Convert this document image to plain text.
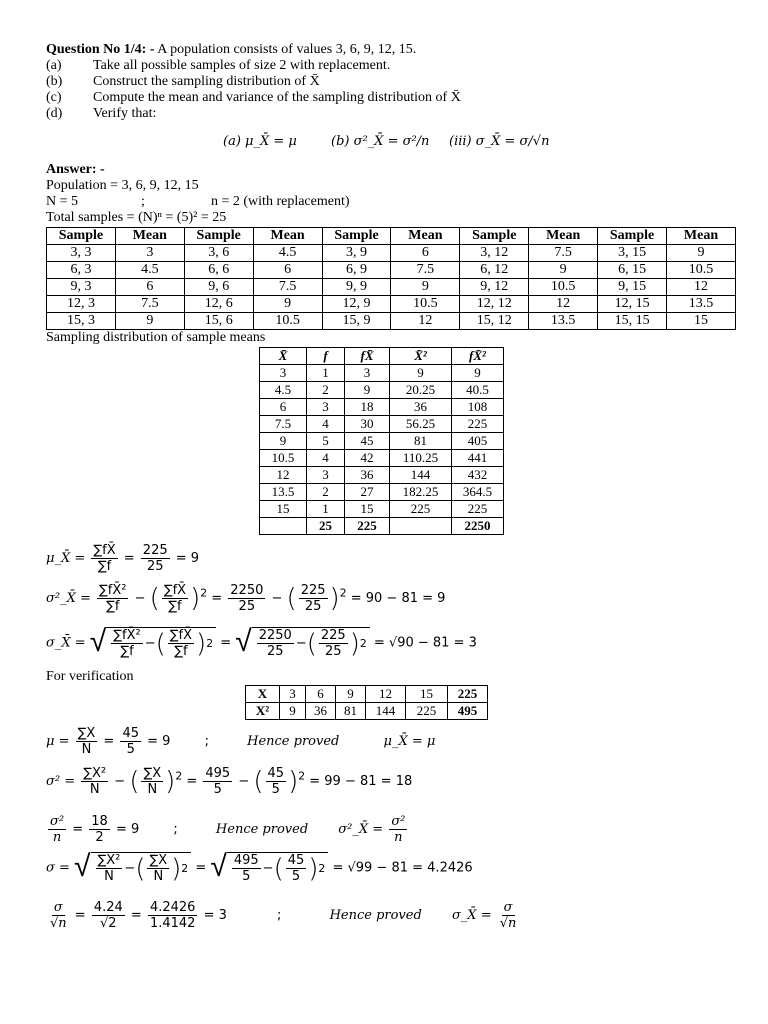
Question No 1/4: - A population consists of values 3, 6, 9, 12, 15.
(a)	Take all possible samples of size 2 with replacement.
(b)	Construct the sampling distribution of X̄
(c)	Compute the mean and variance of the sampling distribution of X̄
(d)	Verify that:
(a) μ_X̄ = μ	(b) σ²_X̄ = σ²/n (iii) σ_X̄ = σ/√n
Answer: -
Population = 3, 6, 9, 12, 15
N = 5	;	n = 2 (with replacement)
Total samples = (N)ⁿ = (5)² = 25
Sample	Mean	Sample	Mean	Sample	Mean	Sample	Mean	Sample	Mean
3, 3	3	3, 6	4.5	3, 9	6	3, 12	7.5	3, 15	9
6, 3	4.5	6, 6	6	6, 9	7.5	6, 12	9	6, 15	10.5
9, 3	6	9, 6	7.5	9, 9	9	9, 12	10.5	9, 15	12
12, 3	7.5	12, 6	9	12, 9	10.5	12, 12	12	12, 15	13.5
15, 3	9	15, 6	10.5	15, 9	12	15, 12	13.5	15, 15	15
Sampling distribution of sample means
X̄	f	fX̄	X̄²	fX̄²
3	1	3	9	9
4.5	2	9	20.25	40.5
6	3	18	36	108
7.5	4	30	56.25	225
9	5	45	81	405
10.5	4	42	110.25	441
12	3	36	144	432
13.5	2	27	182.25	364.5
15	1	15	225	225
	25	225		2250
μ_X̄ = $\frac{\sum fX̄}{\sum f} = \frac{225}{25} = 9$
σ²_X̄ = $\frac{\text{∑fX̄²}}{\sum f}$ − ( $\frac{\sum fX̄}{\sum f} )^2 = \frac{2250}{25}$ − ( $\frac{225}{25} )^2 = 90 - 81 = 9$
σ_X̄ = √ $\frac{\text{∑fX̄²}}{\sum f}$ − ( $\frac{\sum fX̄}{\sum f}$ ) 2 = √ $\frac{2250}{25}$ − ( $\frac{225}{25}$ ) 2 = √90 − 81 = 3
For verification
X	3	6	9	12	15	225
X²	9	36	81	144	225	495
$\mu = \frac{\sum X}{N} = \frac{45}{5} = 9$	;	Hence proved	μ_X̄ = μ
$\sigma^2 = \frac{\text{∑X²}}{N}$ − ( $\frac{\sum X}{N} )^2 = \frac{495}{5}$ − ( $\frac{45}{5} )^2 = 99 - 81 = 18$
$\frac{\text{σ²}}{n} = \frac{18}{2} = 9$	;	Hence proved σ²_X̄ = $\frac{\text{σ²}}{n}$
σ = √ $\frac{\text{∑X²}}{N}$ − ( $\frac{\sum X}{N}$ ) 2 = √ $\frac{495}{5}$ − ( $\frac{45}{5}$ ) 2 = √99 − 81 = 4.2426
$\frac{\sigma}{√n} = \frac{4.24}{√2} = \frac{4.2426}{1.4142} = 3$	;	Hence proved σ_X̄ = $\frac{\sigma}{√n}$
